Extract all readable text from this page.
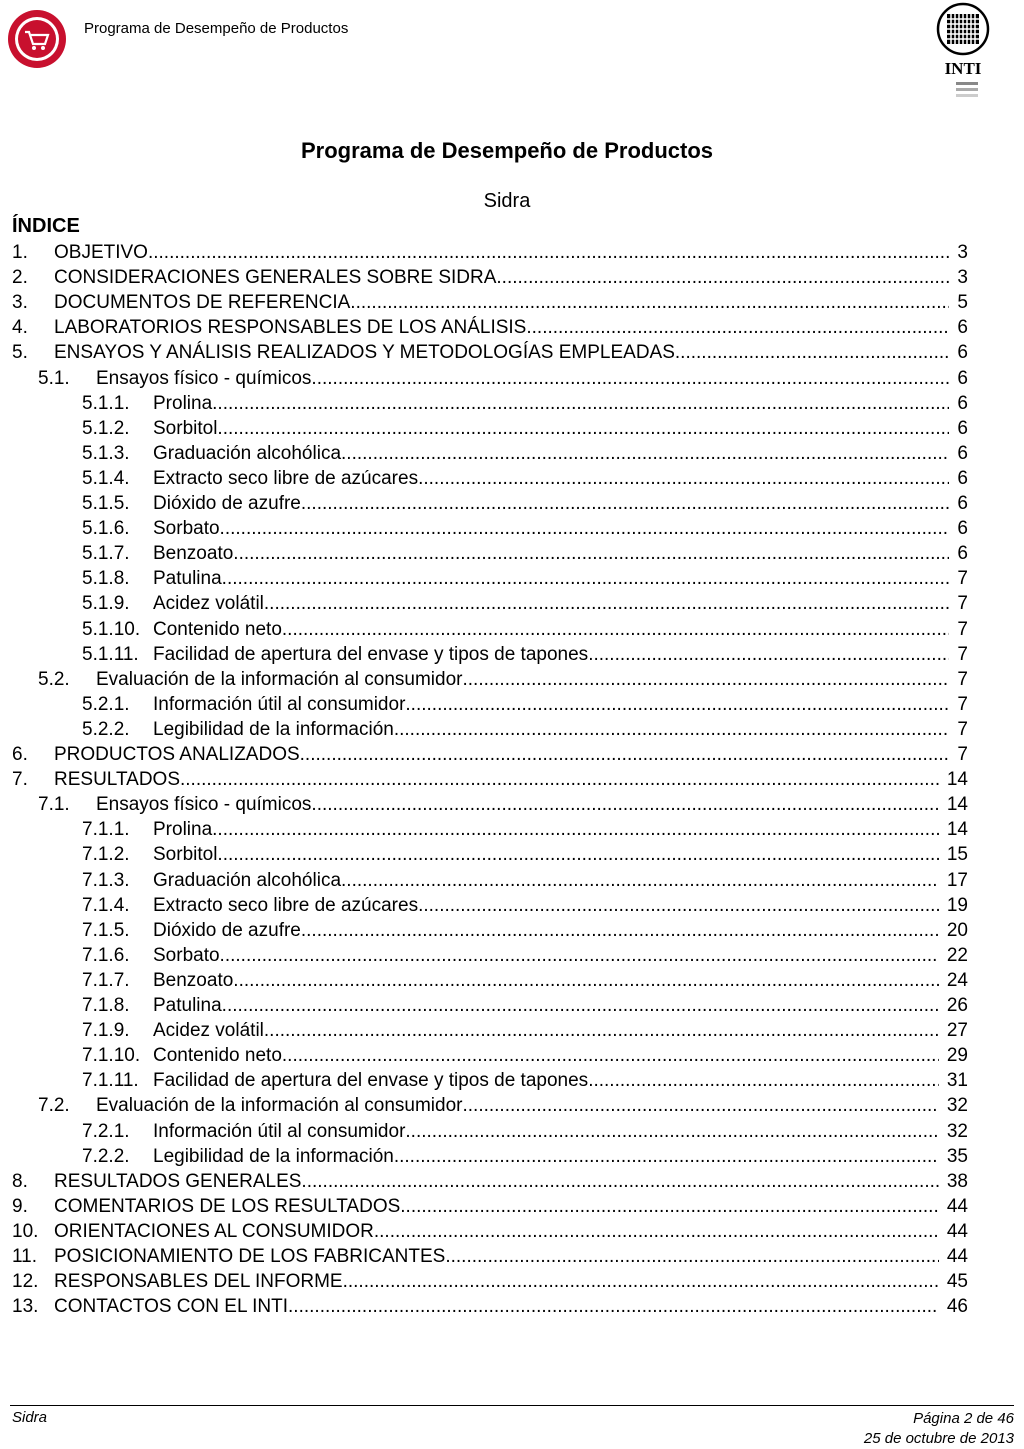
Programa de Desempeño de Productos
INTI
Programa de Desempeño de Productos
Sidra
ÍNDICE
1. OBJETIVO .....	3
2. CONSIDERACIONES GENERALES SOBRE SIDRA .....	3
3. DOCUMENTOS DE REFERENCIA .....	5
4. LABORATORIOS RESPONSABLES DE LOS ANÁLISIS .....	6
5. ENSAYOS Y ANÁLISIS REALIZADOS Y METODOLOGÍAS EMPLEADAS .....	6
5.1. Ensayos físico - químicos .....	6
5.1.1. Prolina .....	6
5.1.2. Sorbitol .....	6
5.1.3. Graduación alcohólica .....	6
5.1.4. Extracto seco libre de azúcares .....	6
5.1.5. Dióxido de azufre .....	6
5.1.6. Sorbato .....	6
5.1.7. Benzoato .....	6
5.1.8. Patulina .....	7
5.1.9. Acidez volátil .....	7
5.1.10. Contenido neto .....	7
5.1.11. Facilidad de apertura del envase y tipos de tapones .....	7
5.2. Evaluación de la información al consumidor .....	7
5.2.1. Información útil al consumidor .....	7
5.2.2. Legibilidad de la información .....	7
6. PRODUCTOS ANALIZADOS .....	7
7. RESULTADOS .....	14
7.1. Ensayos físico - químicos .....	14
7.1.1. Prolina .....	14
7.1.2. Sorbitol .....	15
7.1.3. Graduación alcohólica .....	17
7.1.4. Extracto seco libre de azúcares .....	19
7.1.5. Dióxido de azufre .....	20
7.1.6. Sorbato .....	22
7.1.7. Benzoato .....	24
7.1.8. Patulina .....	26
7.1.9. Acidez volátil .....	27
7.1.10. Contenido neto .....	29
7.1.11. Facilidad de apertura del envase y tipos de tapones .....	31
7.2. Evaluación de la información al consumidor .....	32
7.2.1. Información útil al consumidor .....	32
7.2.2. Legibilidad de la información .....	35
8. RESULTADOS GENERALES .....	38
9. COMENTARIOS DE LOS RESULTADOS .....	44
10. ORIENTACIONES AL CONSUMIDOR .....	44
11. POSICIONAMIENTO DE LOS FABRICANTES .....	44
12. RESPONSABLES DEL INFORME .....	45
13. CONTACTOS CON EL INTI .....	46
Sidra	Página 2 de 46
25 de octubre de 2013
